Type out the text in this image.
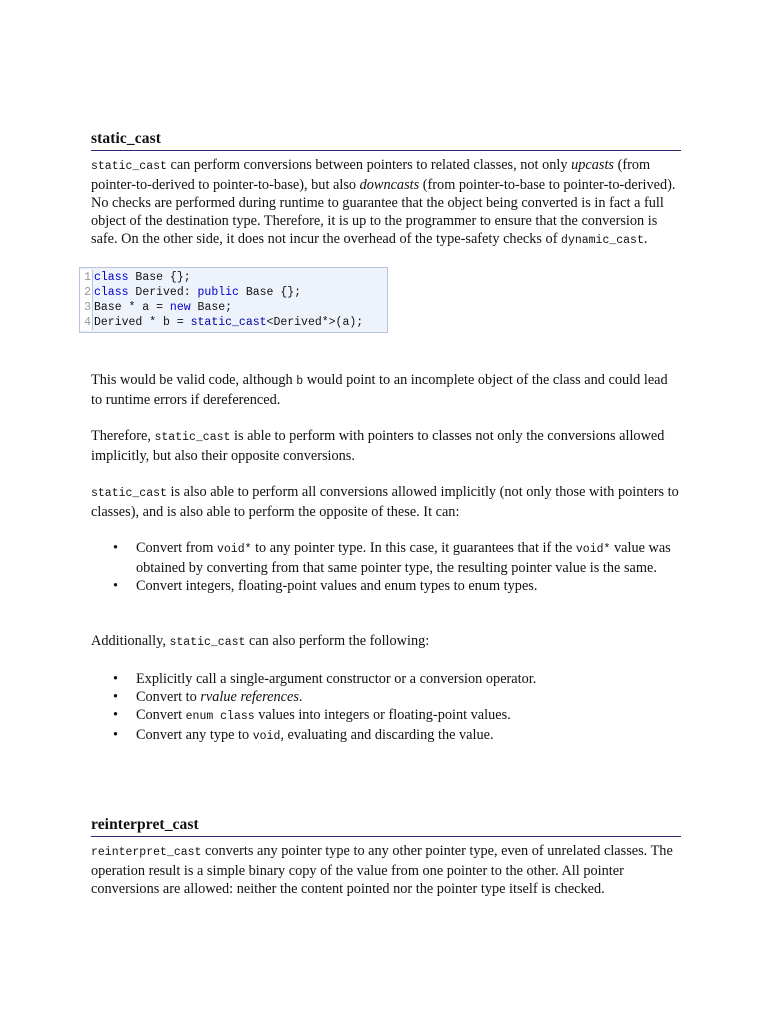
static_cast

static_cast can perform conversions between pointers to related classes, not only upcasts (from pointer-to-derived to pointer-to-base), but also downcasts (from pointer-to-base to pointer-to-derived). No checks are performed during runtime to guarantee that the object being converted is in fact a full object of the destination type. Therefore, it is up to the programmer to ensure that the conversion is safe. On the other side, it does not incur the overhead of the type-safety checks of dynamic_cast.

1 class Base {};
2 class Derived: public Base {};
3 Base * a = new Base;
4 Derived * b = static_cast<Derived*>(a);

This would be valid code, although b would point to an incomplete object of the class and could lead to runtime errors if dereferenced.

Therefore, static_cast is able to perform with pointers to classes not only the conversions allowed implicitly, but also their opposite conversions.

static_cast is also able to perform all conversions allowed implicitly (not only those with pointers to classes), and is also able to perform the opposite of these. It can:

• Convert from void* to any pointer type. In this case, it guarantees that if the void* value was obtained by converting from that same pointer type, the resulting pointer value is the same.
• Convert integers, floating-point values and enum types to enum types.

Additionally, static_cast can also perform the following:

• Explicitly call a single-argument constructor or a conversion operator.
• Convert to rvalue references.
• Convert enum class values into integers or floating-point values.
• Convert any type to void, evaluating and discarding the value.
reinterpret_cast

reinterpret_cast converts any pointer type to any other pointer type, even of unrelated classes. The operation result is a simple binary copy of the value from one pointer to the other. All pointer conversions are allowed: neither the content pointed nor the pointer type itself is checked.
